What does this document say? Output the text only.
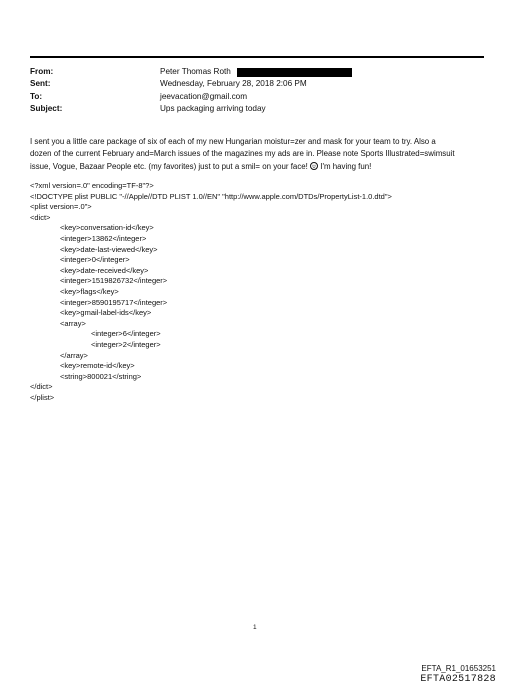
From:	Peter Thomas Roth
Sent:	Wednesday, February 28, 2018 2:06 PM
To:	jeevacation@gmail.com
Subject:	Ups packaging arriving today
I sent you a little care package of six of each of my new Hungarian moistur=zer and mask for your team to try. Also a
dozen of the current February and=March issues of the magazines my ads are in. Please note Sports Illustrated=swimsuit
issue, Vogue, Bazaar People etc. (my favorites) just to put a smil= on your face! I'm having fun!
<?xml version=.0" encoding=TF-8"?>
<!DOCTYPE plist PUBLIC "-//Apple//DTD PLIST 1.0//EN" "http://www.apple.com/DTDs/PropertyList-1.0.dtd">
<plist version=.0">
<dict>
<key>conversation-id</key>
<integer>13862</integer>
<key>date-last-viewed</key>
<integer>0</integer>
<key>date-received</key>
<integer>1519826732</integer>
<key>flags</key>
<integer>8590195717</integer>
<key>gmail-label-ids</key>
<array>
<integer>6</integer>
<integer>2</integer>
</array>
<key>remote-id</key>
<string>800021</string>
</dict>
</plist>
1
EFTA_R1_01653251
EFTA02517828
